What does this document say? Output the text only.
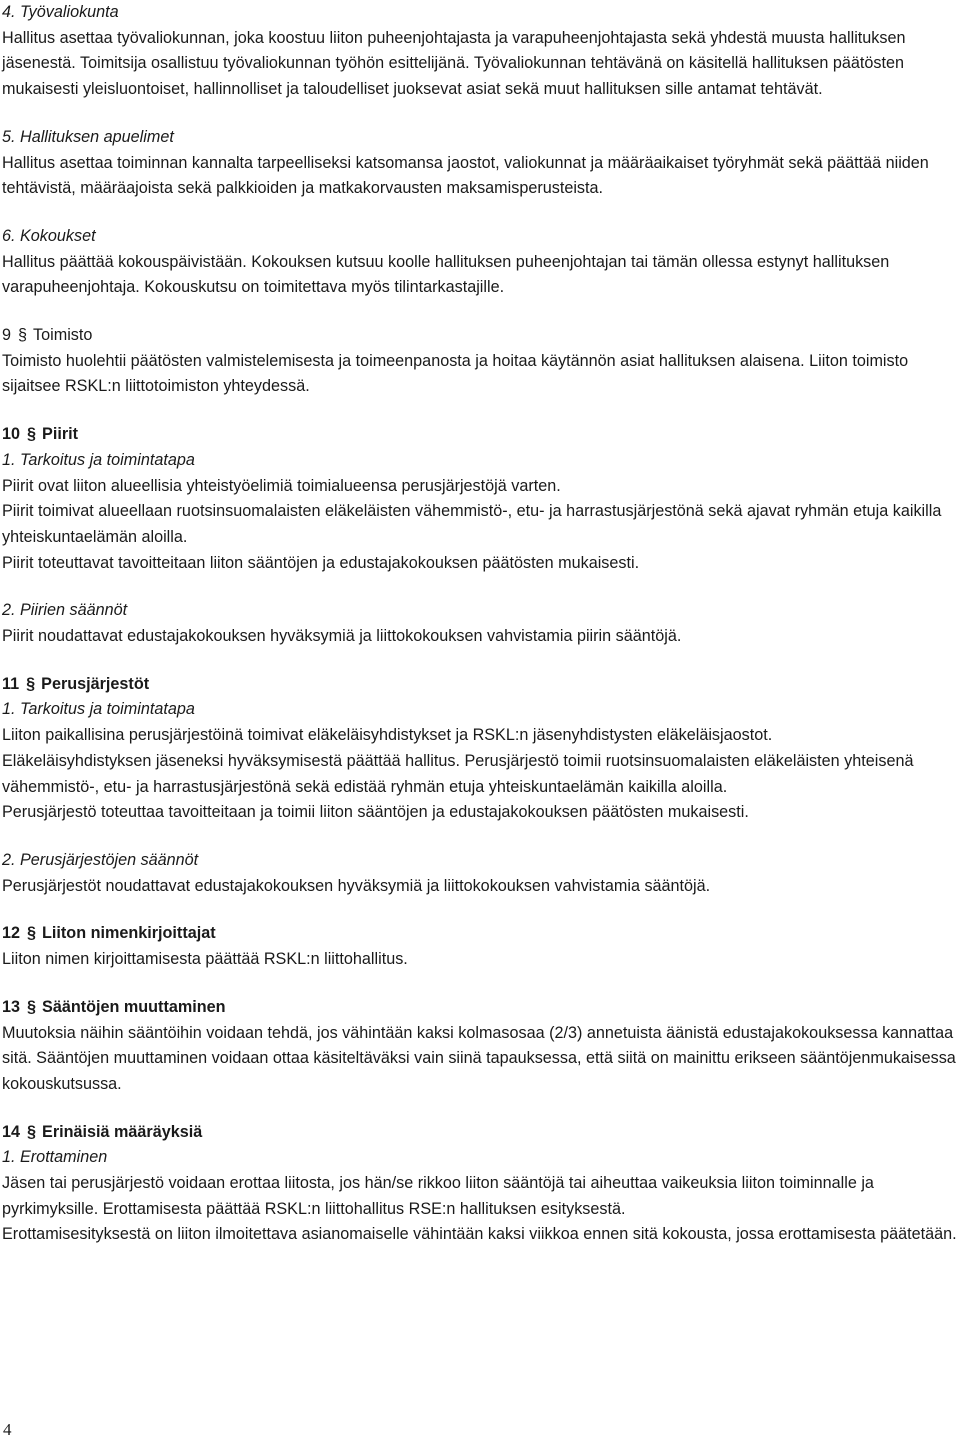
4. Työvaliokunta

Hallitus asettaa työvaliokunnan, joka koostuu liiton puheenjohtajasta ja varapuheenjohtajasta sekä yhdestä muusta hallituksen jäsenestä. Toimitsija osallistuu työvaliokunnan työhön esittelijänä. Työvaliokunnan tehtävänä on käsitellä hallituksen päätösten mukaisesti yleisluontoiset, hallinnolliset ja taloudelliset juoksevat asiat sekä muut hallituksen sille antamat tehtävät.

5. Hallituksen apuelimet

Hallitus asettaa toiminnan kannalta tarpeelliseksi katsomansa jaostot, valiokunnat ja määräaikaiset työryhmät sekä päättää niiden tehtävistä, määräajoista sekä palkkioiden ja matkakorvausten maksamisperusteista.

6. Kokoukset

Hallitus päättää kokouspäivistään. Kokouksen kutsuu koolle hallituksen puheenjohtajan tai tämän ollessa estynyt hallituksen varapuheenjohtaja. Kokouskutsu on toimitettava myös tilintarkastajille.

9 § Toimisto

Toimisto huolehtii päätösten valmistelemisesta ja toimeenpanosta ja hoitaa käytännön asiat hallituksen alaisena. Liiton toimisto sijaitsee RSKL:n liittotoimiston yhteydessä.

10 § Piirit

1. Tarkoitus ja toimintatapa

Piirit ovat liiton alueellisia yhteistyöelimiä toimialueensa perusjärjestöjä varten.

Piirit toimivat alueellaan ruotsinsuomalaisten eläkeläisten vähemmistö-, etu- ja harrastusjärjestönä sekä ajavat ryhmän etuja kaikilla yhteiskuntaelämän aloilla.

Piirit toteuttavat tavoitteitaan liiton sääntöjen ja edustajakokouksen päätösten mukaisesti.

2. Piirien säännöt

Piirit noudattavat edustajakokouksen hyväksymiä ja liittokokouksen vahvistamia piirin sääntöjä.

11 § Perusjärjestöt

1. Tarkoitus ja toimintatapa

Liiton paikallisina perusjärjestöinä toimivat eläkeläisyhdistykset ja RSKL:n jäsenyhdistysten eläkeläisjaostot.

Eläkeläisyhdistyksen jäseneksi hyväksymisestä päättää hallitus. Perusjärjestö toimii ruotsinsuomalaisten eläkeläisten yhteisenä vähemmistö-, etu- ja harrastusjärjestönä sekä edistää ryhmän etuja yhteiskuntaelämän kaikilla aloilla.

Perusjärjestö toteuttaa tavoitteitaan ja toimii liiton sääntöjen ja edustajakokouksen päätösten mukaisesti.

2. Perusjärjestöjen säännöt

Perusjärjestöt noudattavat edustajakokouksen hyväksymiä ja liittokokouksen vahvistamia sääntöjä.

12 § Liiton nimenkirjoittajat

Liiton nimen kirjoittamisesta päättää RSKL:n liittohallitus.

13 § Sääntöjen muuttaminen

Muutoksia näihin sääntöihin voidaan tehdä, jos vähintään kaksi kolmasosaa (2/3) annetuista äänistä edustajakokouksessa kannattaa sitä. Sääntöjen muuttaminen voidaan ottaa käsiteltäväksi vain siinä tapauksessa, että siitä on mainittu erikseen sääntöjenmukaisessa kokouskutsussa.

14 § Erinäisiä määräyksiä

1. Erottaminen

Jäsen tai perusjärjestö voidaan erottaa liitosta, jos hän/se rikkoo liiton sääntöjä tai aiheuttaa vaikeuksia liiton toiminnalle ja pyrkimyksille. Erottamisesta päättää RSKL:n liittohallitus RSE:n hallituksen esityksestä.

Erottamisesityksestä on liiton ilmoitettava asianomaiselle vähintään kaksi viikkoa ennen sitä kokousta, jossa erottamisesta päätetään.

4
